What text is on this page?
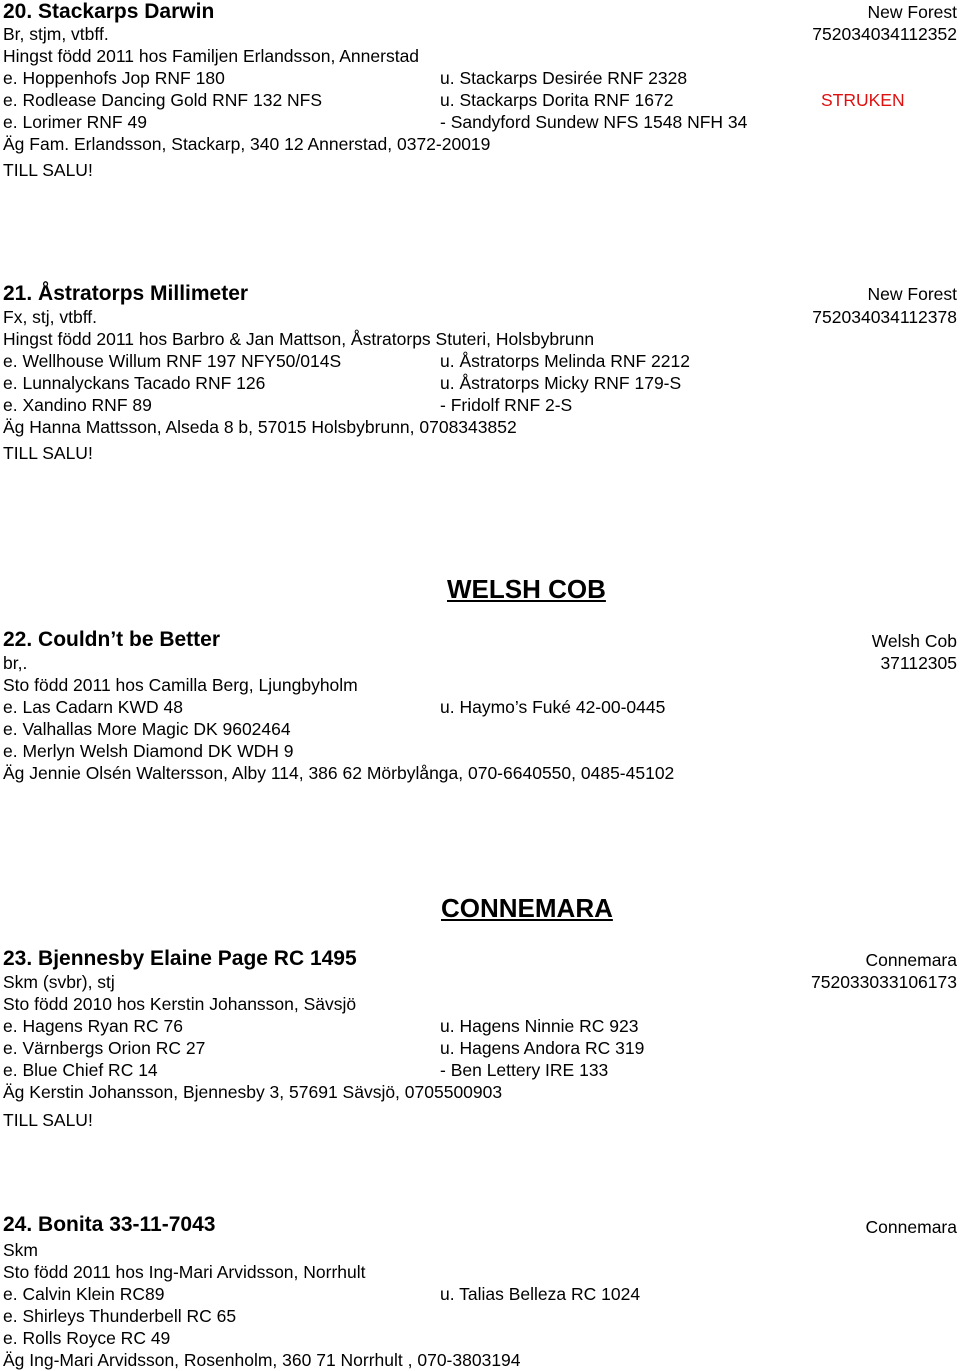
20. Stackarps Darwin	New Forest
Br, stjm, vtbff.	752034034112352
Hingst född 2011 hos Familjen Erlandsson, Annerstad
e. Hoppenhofs Jop RNF 180	u. Stackarps Desirée RNF 2328
e. Rodlease Dancing Gold RNF 132 NFS	u. Stackarps Dorita RNF 1672	STRUKEN
e. Lorimer RNF 49	- Sandyford Sundew NFS 1548 NFH 34
Äg Fam. Erlandsson, Stackarp, 340 12 Annerstad, 0372-20019
TILL SALU!
21. Åstratorps Millimeter	New Forest
Fx, stj, vtbff.	752034034112378
Hingst född 2011 hos Barbro & Jan Mattson, Åstratorps Stuteri, Holsbybrunn
e. Wellhouse Willum RNF 197 NFY50/014S	u. Åstratorps Melinda RNF 2212
e. Lunnalyckans Tacado RNF 126	u. Åstratorps Micky RNF 179-S
e. Xandino RNF 89	- Fridolf RNF 2-S
Äg Hanna Mattsson, Alseda 8 b, 57015 Holsbybrunn, 0708343852
TILL SALU!
WELSH COB
22. Couldn’t be Better	Welsh Cob
br,.	37112305
Sto född 2011 hos Camilla Berg, Ljungbyholm
e. Las Cadarn KWD 48	u. Haymo’s Fuké 42-00-0445
e. Valhallas More Magic DK 9602464
e. Merlyn Welsh Diamond DK WDH 9
Äg Jennie Olsén Waltersson, Alby 114, 386 62 Mörbylånga, 070-6640550, 0485-45102
CONNEMARA
23. Bjennesby Elaine Page RC 1495	Connemara
Skm (svbr), stj	752033033106173
Sto född 2010 hos Kerstin Johansson, Sävsjö
e. Hagens Ryan RC 76	u. Hagens Ninnie RC 923
e. Värnbergs Orion RC 27	u. Hagens Andora RC 319
e. Blue Chief RC 14	- Ben Lettery IRE 133
Äg Kerstin Johansson, Bjennesby 3, 57691 Sävsjö, 0705500903
TILL SALU!
24. Bonita 33-11-7043	Connemara
Skm
Sto född 2011 hos Ing-Mari Arvidsson, Norrhult
e. Calvin Klein RC89	u. Talias Belleza RC 1024
e. Shirleys Thunderbell RC 65
e. Rolls Royce RC 49
Äg Ing-Mari Arvidsson, Rosenholm, 360 71 Norrhult , 070-3803194
